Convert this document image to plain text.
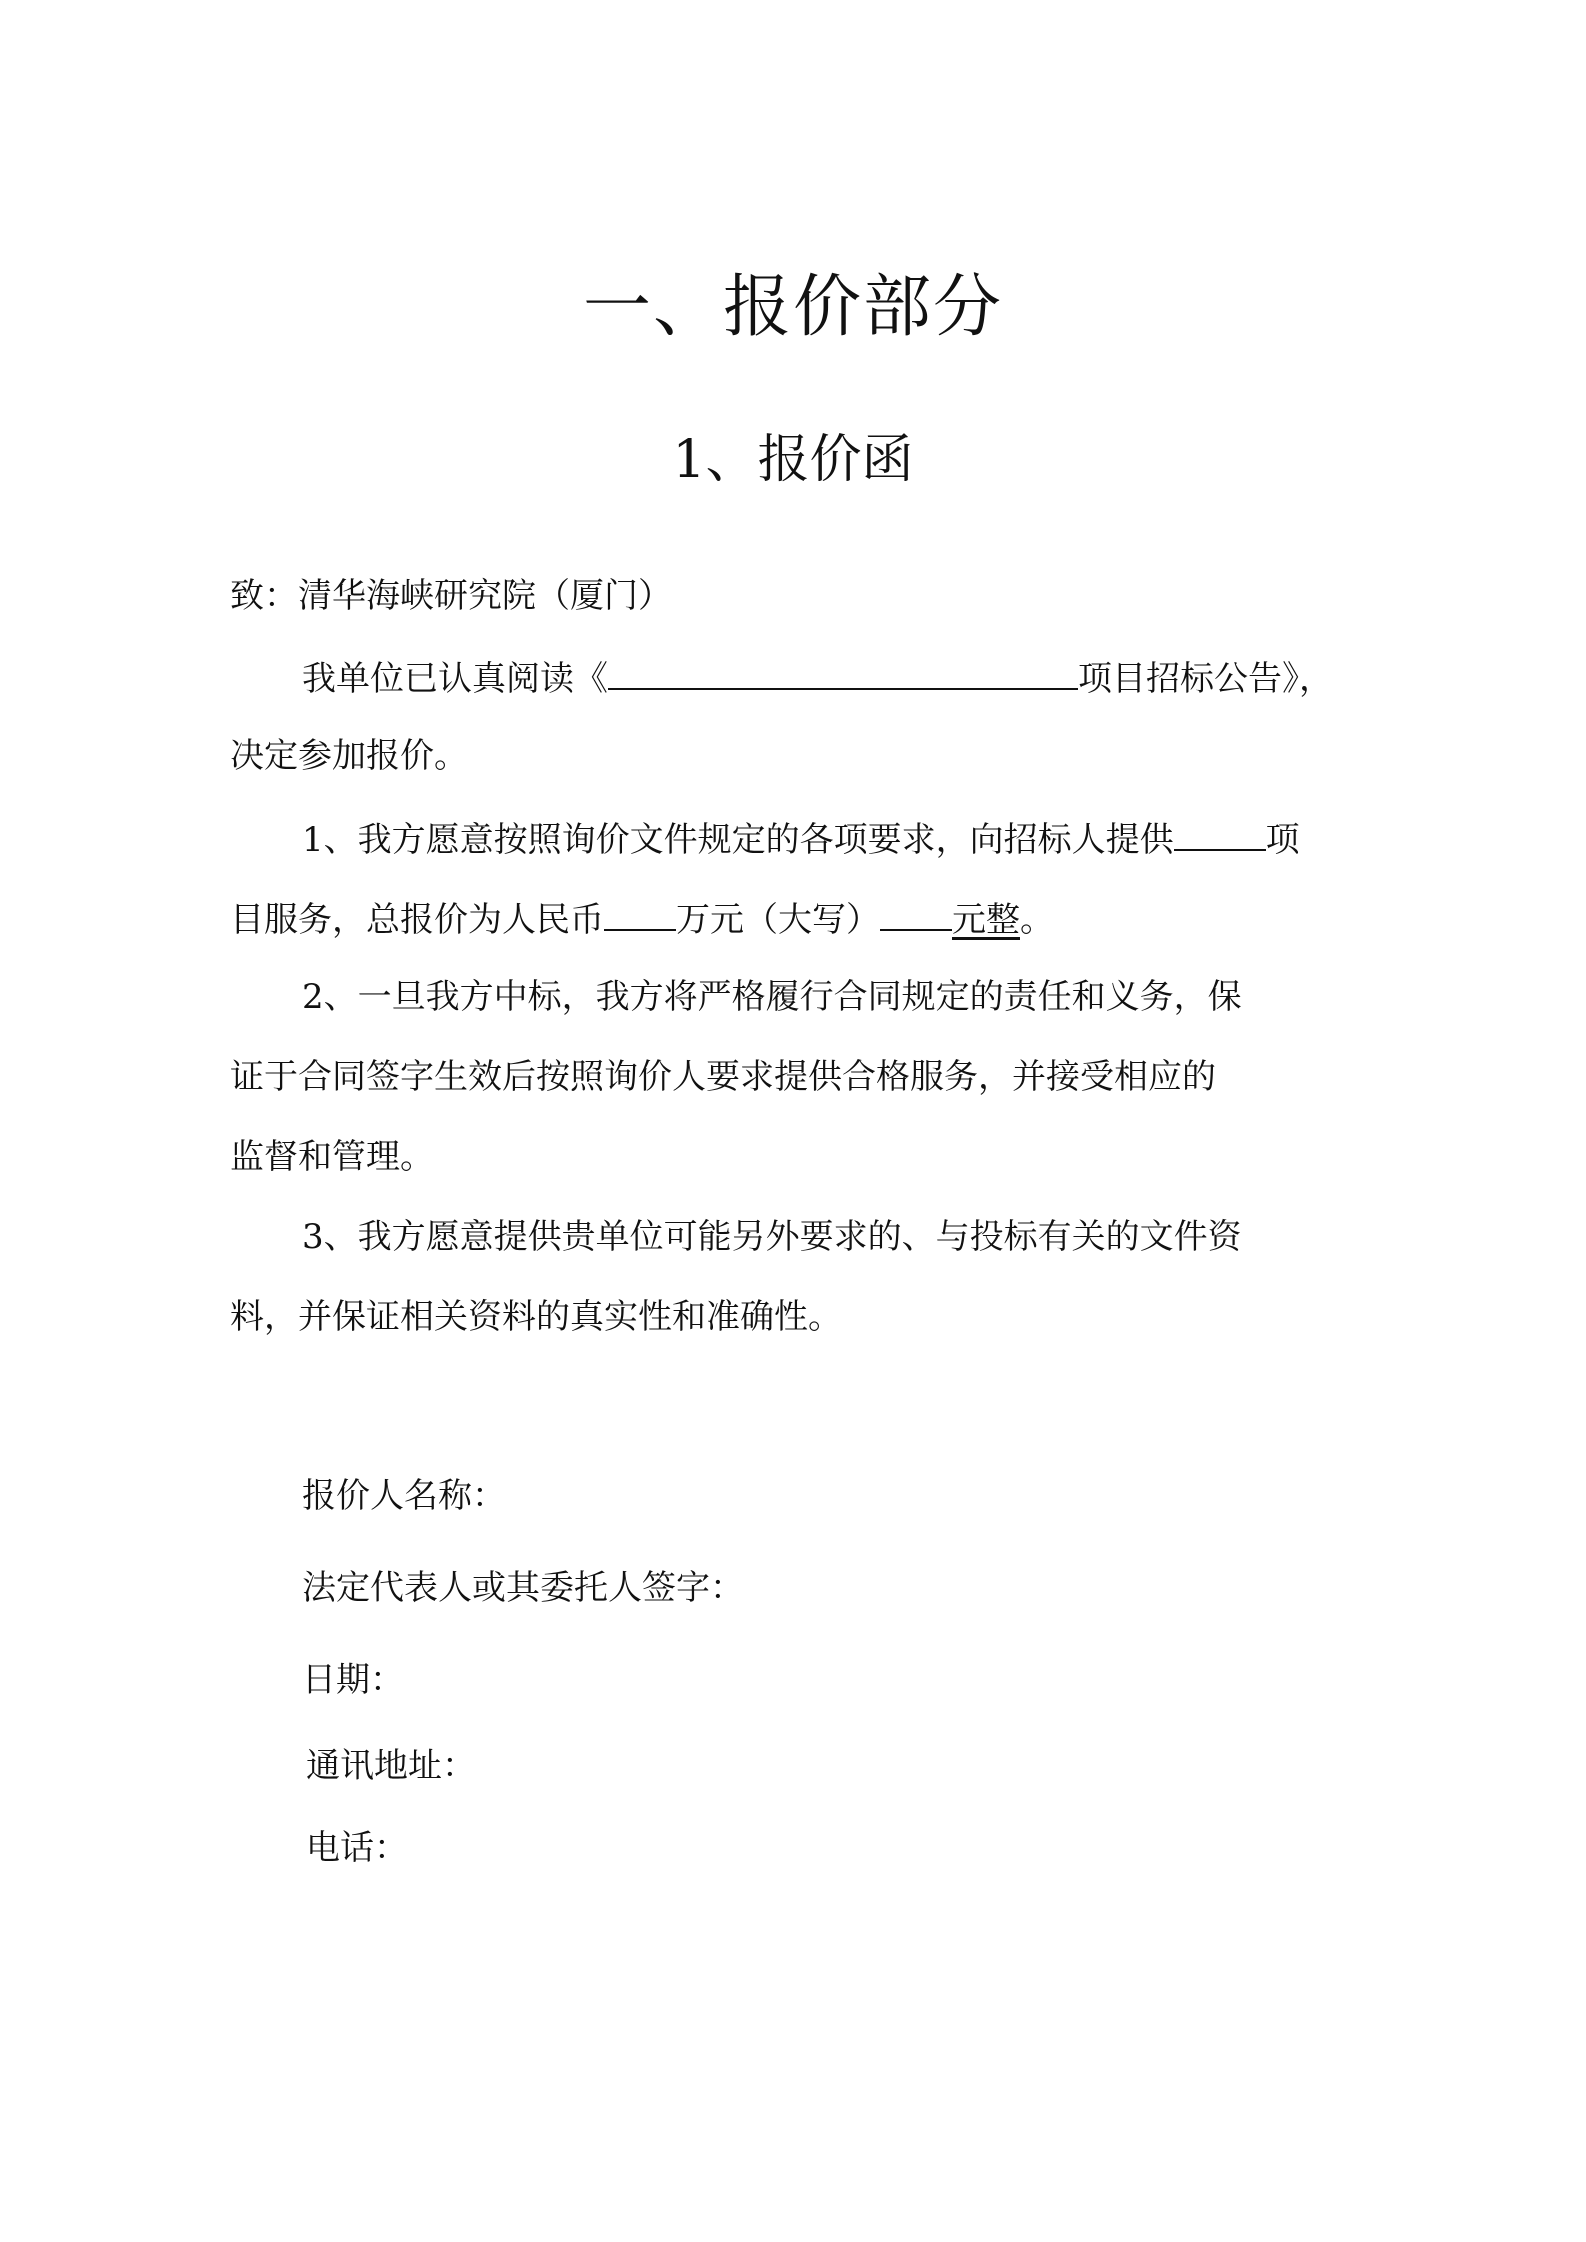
一、报价部分
1、报价函
致：清华海峡研究院（厦门）
我单位已认真阅读《	项目招标公告》，
决定参加报价。
1、我方愿意按照询价文件规定的各项要求，向招标人提供	项
目服务，总报价为人民币 万元（大写） 元整。
2、一旦我方中标，我方将严格履行合同规定的责任和义务，保
证于合同签字生效后按照询价人要求提供合格服务，并接受相应的
监督和管理。
3、我方愿意提供贵单位可能另外要求的、与投标有关的文件资
料，并保证相关资料的真实性和准确性。
报价人名称：
法定代表人或其委托人签字：
日期：
通讯地址：
电话：
